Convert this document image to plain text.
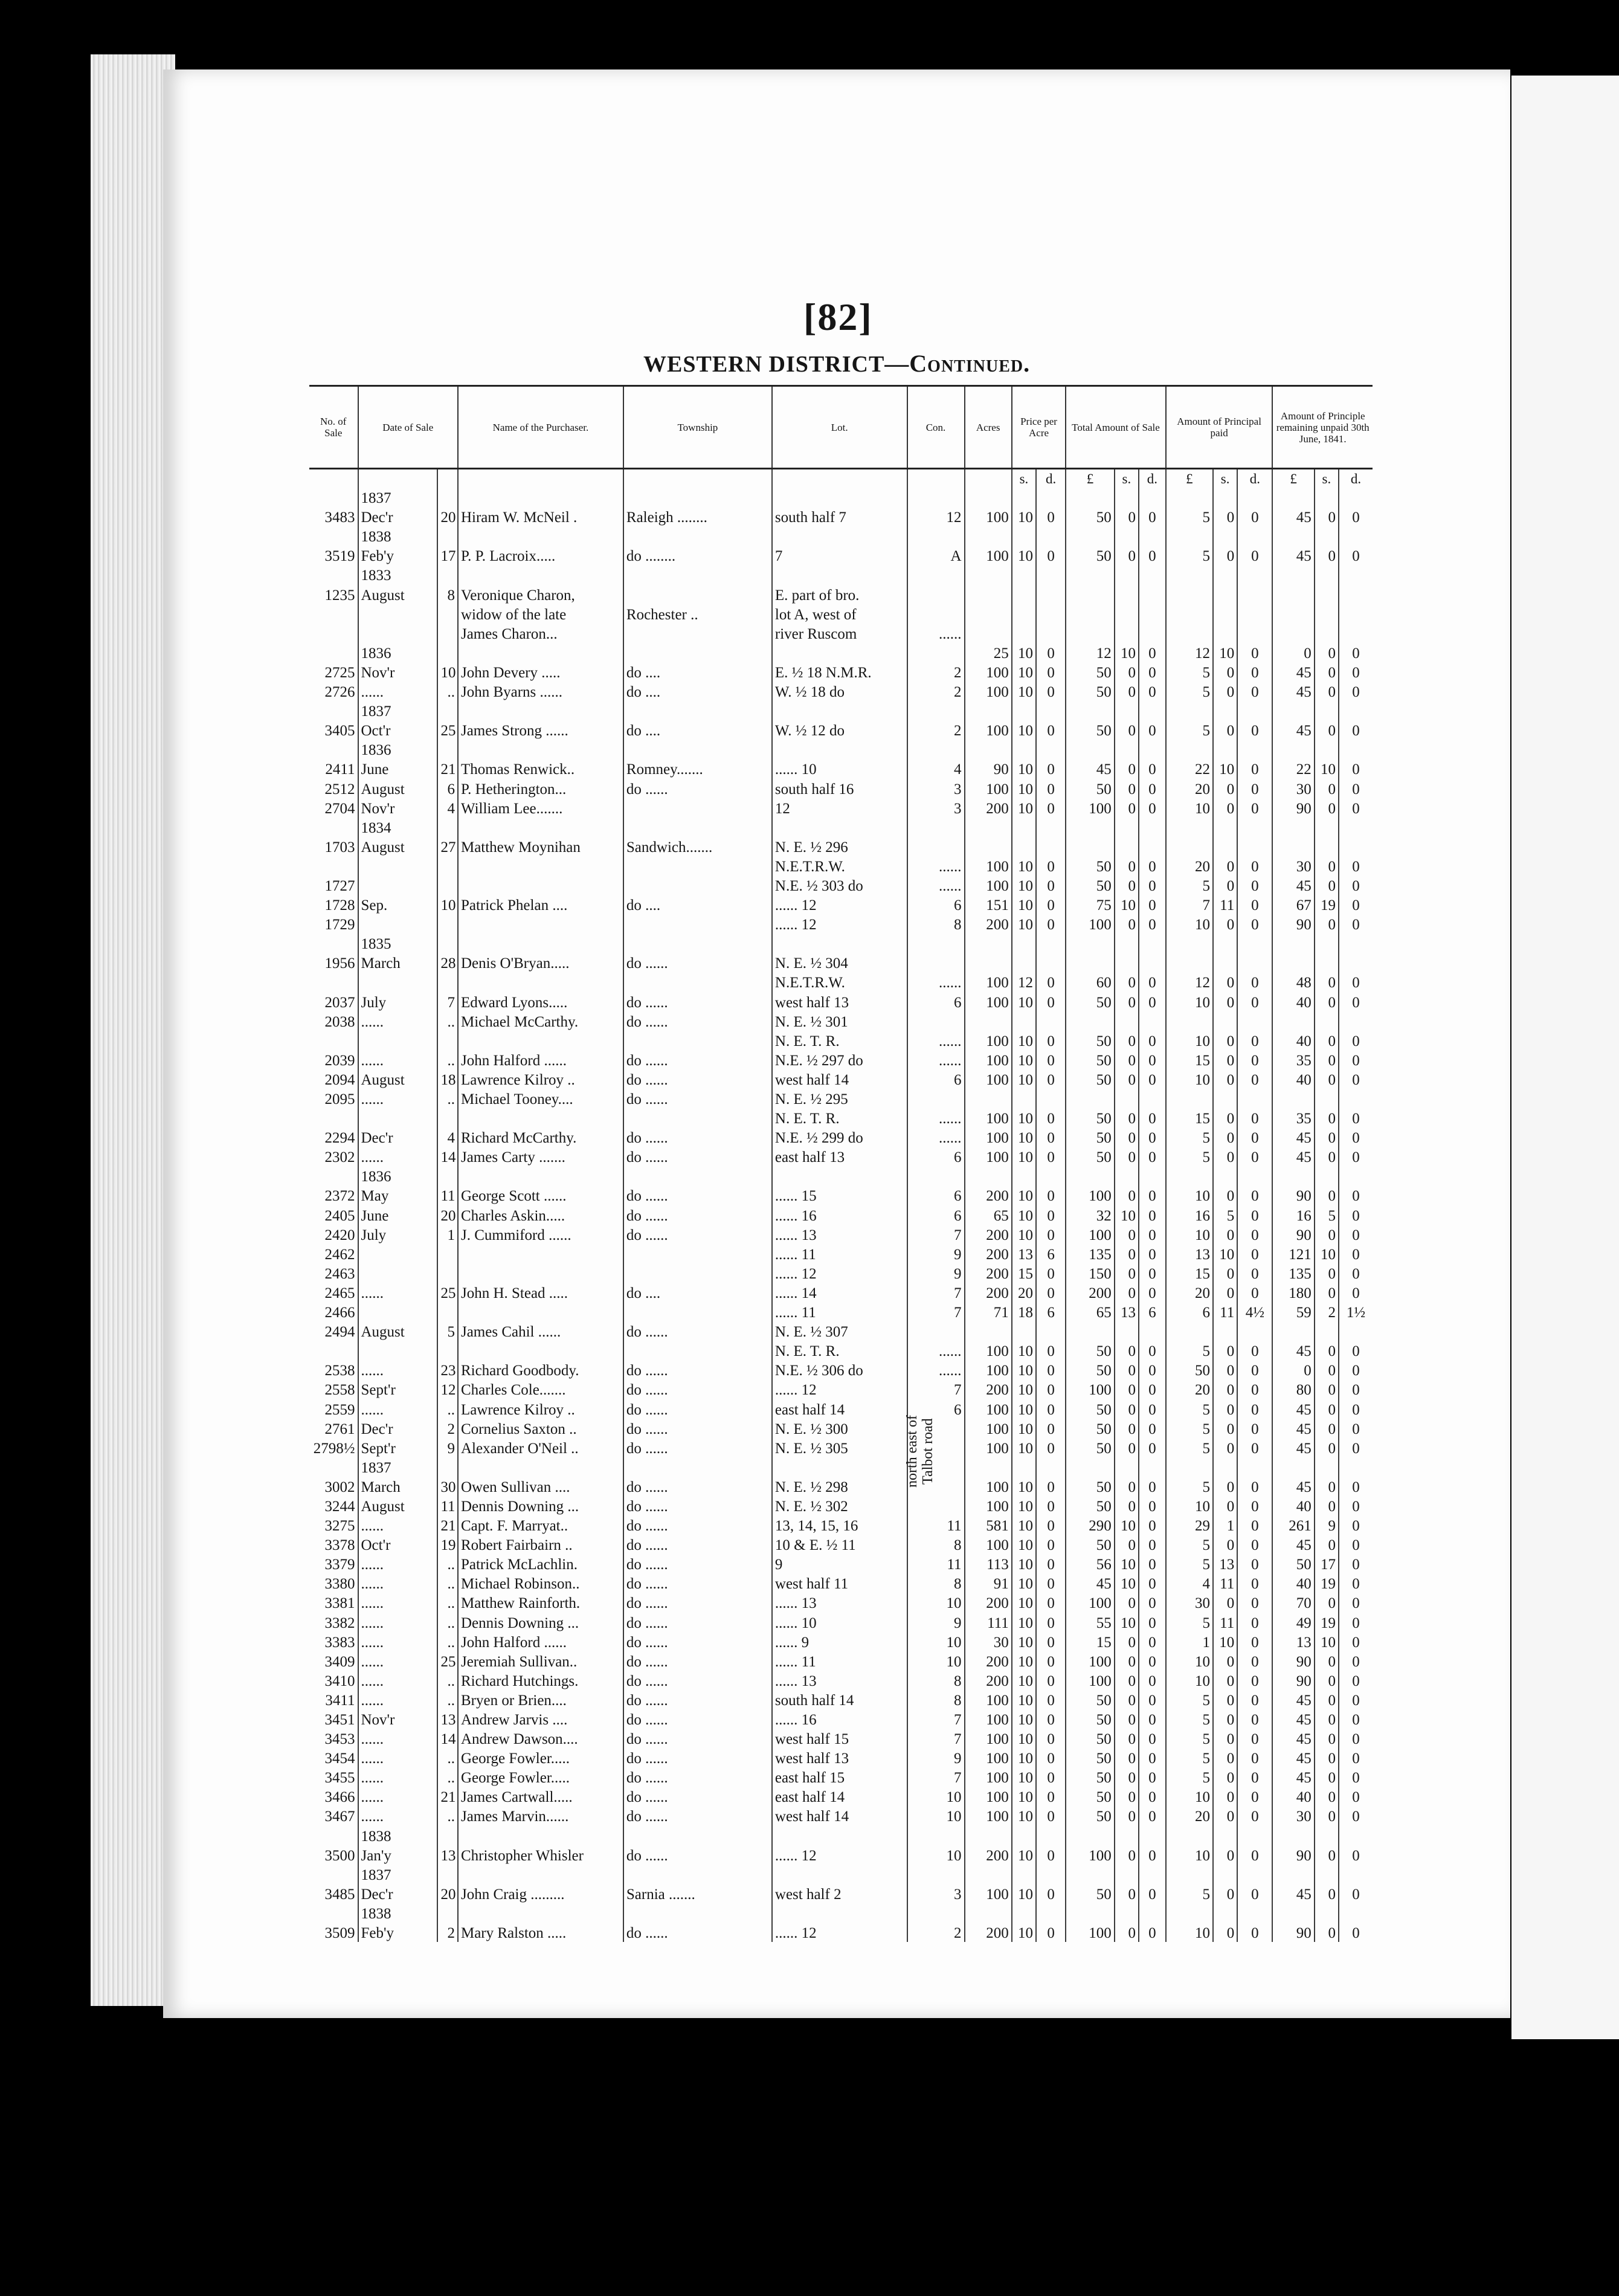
[82]
WESTERN DISTRICT—Continued.
No. of Sale	Date of Sale		Name of the Purchaser.	Township	Lot.	Con.	Acres	Price per Acre		Total Amount of Sale			Amount of Principal paid			Amount of Principle remaining unpaid 30th June, 1841.		
								s.	d.	£	s.	d.	£	s.	d.	£	s.	d.
	1837																	
3483	Dec'r	20	Hiram W. McNeil .	Raleigh ........	south half 7	12	100	10	0	50	0	0	5	0	0	45	0	0
	1838																	
3519	Feb'y	17	P. P. Lacroix.....	do ........	7	A	100	10	0	50	0	0	5	0	0	45	0	0
	1833																	
1235	August	8	Veronique Charon,		E. part of bro.													
			widow of the late	Rochester ..	lot A, west of													
			James Charon...		river Ruscom	......												
	1836						25	10	0	12	10	0	12	10	0	0	0	0
2725	Nov'r	10	John Devery .....	do ....	E. ½ 18 N.M.R.	2	100	10	0	50	0	0	5	0	0	45	0	0
2726	......	..	John Byarns ......	do ....	W. ½ 18 do	2	100	10	0	50	0	0	5	0	0	45	0	0
	1837																	
3405	Oct'r	25	James Strong ......	do ....	W. ½ 12 do	2	100	10	0	50	0	0	5	0	0	45	0	0
	1836																	
2411	June	21	Thomas Renwick..	Romney.......	...... 10	4	90	10	0	45	0	0	22	10	0	22	10	0
2512	August	6	P. Hetherington...	do ......	south half 16	3	100	10	0	50	0	0	20	0	0	30	0	0
2704	Nov'r	4	William Lee.......		12	3	200	10	0	100	0	0	10	0	0	90	0	0
	1834																	
1703	August	27	Matthew Moynihan	Sandwich.......	N. E. ½ 296													
					N.E.T.R.W.	......	100	10	0	50	0	0	20	0	0	30	0	0
1727					N.E. ½ 303 do	......	100	10	0	50	0	0	5	0	0	45	0	0
1728	Sep.	10	Patrick Phelan ....	do ....	...... 12	6	151	10	0	75	10	0	7	11	0	67	19	0
1729					...... 12	8	200	10	0	100	0	0	10	0	0	90	0	0
	1835																	
1956	March	28	Denis O'Bryan.....	do ......	N. E. ½ 304													
					N.E.T.R.W.	......	100	12	0	60	0	0	12	0	0	48	0	0
2037	July	7	Edward Lyons.....	do ......	west half 13	6	100	10	0	50	0	0	10	0	0	40	0	0
2038	......	..	Michael McCarthy.	do ......	N. E. ½ 301													
					N. E. T. R.	......	100	10	0	50	0	0	10	0	0	40	0	0
2039	......	..	John Halford ......	do ......	N.E. ½ 297 do	......	100	10	0	50	0	0	15	0	0	35	0	0
2094	August	18	Lawrence Kilroy ..	do ......	west half 14	6	100	10	0	50	0	0	10	0	0	40	0	0
2095	......	..	Michael Tooney....	do ......	N. E. ½ 295													
					N. E. T. R.	......	100	10	0	50	0	0	15	0	0	35	0	0
2294	Dec'r	4	Richard McCarthy.	do ......	N.E. ½ 299 do	......	100	10	0	50	0	0	5	0	0	45	0	0
2302	......	14	James Carty .......	do ......	east half 13	6	100	10	0	50	0	0	5	0	0	45	0	0
	1836																	
2372	May	11	George Scott ......	do ......	...... 15	6	200	10	0	100	0	0	10	0	0	90	0	0
2405	June	20	Charles Askin.....	do ......	...... 16	6	65	10	0	32	10	0	16	5	0	16	5	0
2420	July	1	J. Cummiford ......	do ......	...... 13	7	200	10	0	100	0	0	10	0	0	90	0	0
2462					...... 11	9	200	13	6	135	0	0	13	10	0	121	10	0
2463					...... 12	9	200	15	0	150	0	0	15	0	0	135	0	0
2465	......	25	John H. Stead .....	do ....	...... 14	7	200	20	0	200	0	0	20	0	0	180	0	0
2466					...... 11	7	71	18	6	65	13	6	6	11	4½	59	2	1½
2494	August	5	James Cahil ......	do ......	N. E. ½ 307													
					N. E. T. R.	......	100	10	0	50	0	0	5	0	0	45	0	0
2538	......	23	Richard Goodbody.	do ......	N.E. ½ 306 do	......	100	10	0	50	0	0	50	0	0	0	0	0
2558	Sept'r	12	Charles Cole.......	do ......	...... 12	7	200	10	0	100	0	0	20	0	0	80	0	0
2559	......	..	Lawrence Kilroy ..	do ......	east half 14	6	100	10	0	50	0	0	5	0	0	45	0	0
2761	Dec'r	2	Cornelius Saxton ..	do ......	N. E. ½ 300		100	10	0	50	0	0	5	0	0	45	0	0
2798½	Sept'r	9	Alexander O'Neil ..	do ......	N. E. ½ 305		100	10	0	50	0	0	5	0	0	45	0	0
	1837																	
3002	March	30	Owen Sullivan ....	do ......	N. E. ½ 298		100	10	0	50	0	0	5	0	0	45	0	0
3244	August	11	Dennis Downing ...	do ......	N. E. ½ 302		100	10	0	50	0	0	10	0	0	40	0	0
3275	......	21	Capt. F. Marryat..	do ......	13, 14, 15, 16	11	581	10	0	290	10	0	29	1	0	261	9	0
3378	Oct'r	19	Robert Fairbairn ..	do ......	10 & E. ½ 11	8	100	10	0	50	0	0	5	0	0	45	0	0
3379	......	..	Patrick McLachlin.	do ......	9	11	113	10	0	56	10	0	5	13	0	50	17	0
3380	......	..	Michael Robinson..	do ......	west half 11	8	91	10	0	45	10	0	4	11	0	40	19	0
3381	......	..	Matthew Rainforth.	do ......	...... 13	10	200	10	0	100	0	0	30	0	0	70	0	0
3382	......	..	Dennis Downing ...	do ......	...... 10	9	111	10	0	55	10	0	5	11	0	49	19	0
3383	......	..	John Halford ......	do ......	...... 9	10	30	10	0	15	0	0	1	10	0	13	10	0
3409	......	25	Jeremiah Sullivan..	do ......	...... 11	10	200	10	0	100	0	0	10	0	0	90	0	0
3410	......	..	Richard Hutchings.	do ......	...... 13	8	200	10	0	100	0	0	10	0	0	90	0	0
3411	......	..	Bryen or Brien....	do ......	south half 14	8	100	10	0	50	0	0	5	0	0	45	0	0
3451	Nov'r	13	Andrew Jarvis ....	do ......	...... 16	7	100	10	0	50	0	0	5	0	0	45	0	0
3453	......	14	Andrew Dawson....	do ......	west half 15	7	100	10	0	50	0	0	5	0	0	45	0	0
3454	......	..	George Fowler.....	do ......	west half 13	9	100	10	0	50	0	0	5	0	0	45	0	0
3455	......	..	George Fowler.....	do ......	east half 15	7	100	10	0	50	0	0	5	0	0	45	0	0
3466	......	21	James Cartwall.....	do ......	east half 14	10	100	10	0	50	0	0	10	0	0	40	0	0
3467	......	..	James Marvin......	do ......	west half 14	10	100	10	0	50	0	0	20	0	0	30	0	0
	1838																	
3500	Jan'y	13	Christopher Whisler	do ......	...... 12	10	200	10	0	100	0	0	10	0	0	90	0	0
	1837																	
3485	Dec'r	20	John Craig .........	Sarnia .......	west half 2	3	100	10	0	50	0	0	5	0	0	45	0	0
	1838																	
3509	Feb'y	2	Mary Ralston .....	do ......	...... 12	2	200	10	0	100	0	0	10	0	0	90	0	0
north east of Talbot road
